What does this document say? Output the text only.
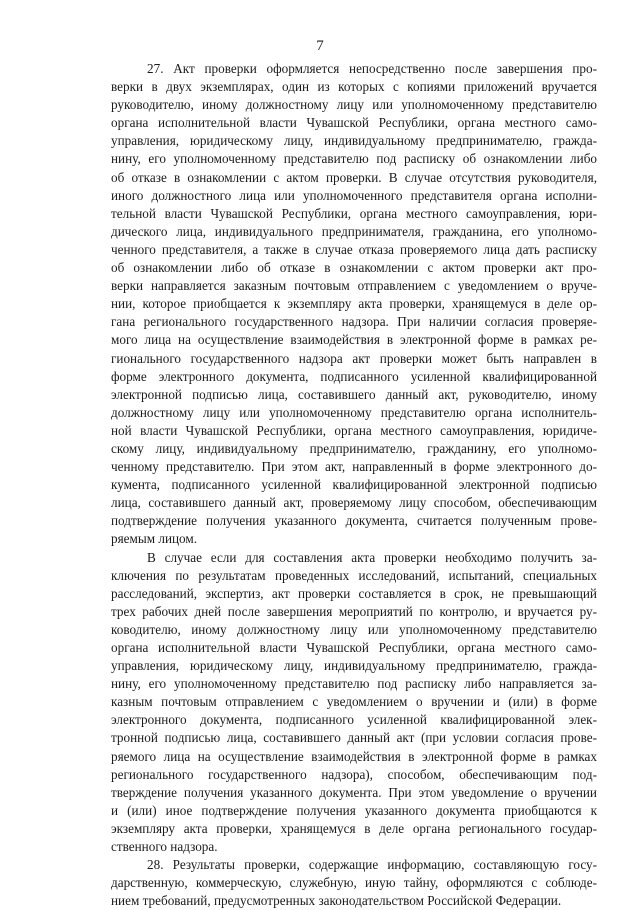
7
27. Акт проверки оформляется непосредственно после завершения про-
верки в двух экземплярах, один из которых с копиями приложений вручается
руководителю, иному должностному лицу или уполномоченному представителю
органа исполнительной власти Чувашской Республики, органа местного само-
управления, юридическому лицу, индивидуальному предпринимателю, гражда-
нину, его уполномоченному представителю под расписку об ознакомлении либо
об отказе в ознакомлении с актом проверки. В случае отсутствия руководителя,
иного должностного лица или уполномоченного представителя органа исполни-
тельной власти Чувашской Республики, органа местного самоуправления, юри-
дического лица, индивидуального предпринимателя, гражданина, его уполномо-
ченного представителя, а также в случае отказа проверяемого лица дать расписку
об ознакомлении либо об отказе в ознакомлении с актом проверки акт про-
верки направляется заказным почтовым отправлением с уведомлением о вруче-
нии, которое приобщается к экземпляру акта проверки, хранящемуся в деле ор-
гана регионального государственного надзора. При наличии согласия проверяе-
мого лица на осуществление взаимодействия в электронной форме в рамках ре-
гионального государственного надзора акт проверки может быть направлен в
форме электронного документа, подписанного усиленной квалифицированной
электронной подписью лица, составившего данный акт, руководителю, иному
должностному лицу или уполномоченному представителю органа исполнитель-
ной власти Чувашской Республики, органа местного самоуправления, юридиче-
скому лицу, индивидуальному предпринимателю, гражданину, его уполномо-
ченному представителю. При этом акт, направленный в форме электронного до-
кумента, подписанного усиленной квалифицированной электронной подписью
лица, составившего данный акт, проверяемому лицу способом, обеспечивающим
подтверждение получения указанного документа, считается полученным прове-
ряемым лицом.
В случае если для составления акта проверки необходимо получить за-
ключения по результатам проведенных исследований, испытаний, специальных
расследований, экспертиз, акт проверки составляется в срок, не превышающий
трех рабочих дней после завершения мероприятий по контролю, и вручается ру-
ководителю, иному должностному лицу или уполномоченному представителю
органа исполнительной власти Чувашской Республики, органа местного само-
управления, юридическому лицу, индивидуальному предпринимателю, гражда-
нину, его уполномоченному представителю под расписку либо направляется за-
казным почтовым отправлением с уведомлением о вручении и (или) в форме
электронного документа, подписанного усиленной квалифицированной элек-
тронной подписью лица, составившего данный акт (при условии согласия прове-
ряемого лица на осуществление взаимодействия в электронной форме в рамках
регионального государственного надзора), способом, обеспечивающим под-
тверждение получения указанного документа. При этом уведомление о вручении
и (или) иное подтверждение получения указанного документа приобщаются к
экземпляру акта проверки, хранящемуся в деле органа регионального государ-
ственного надзора.
28. Результаты проверки, содержащие информацию, составляющую госу-
дарственную, коммерческую, служебную, иную тайну, оформляются с соблюде-
нием требований, предусмотренных законодательством Российской Федерации.
